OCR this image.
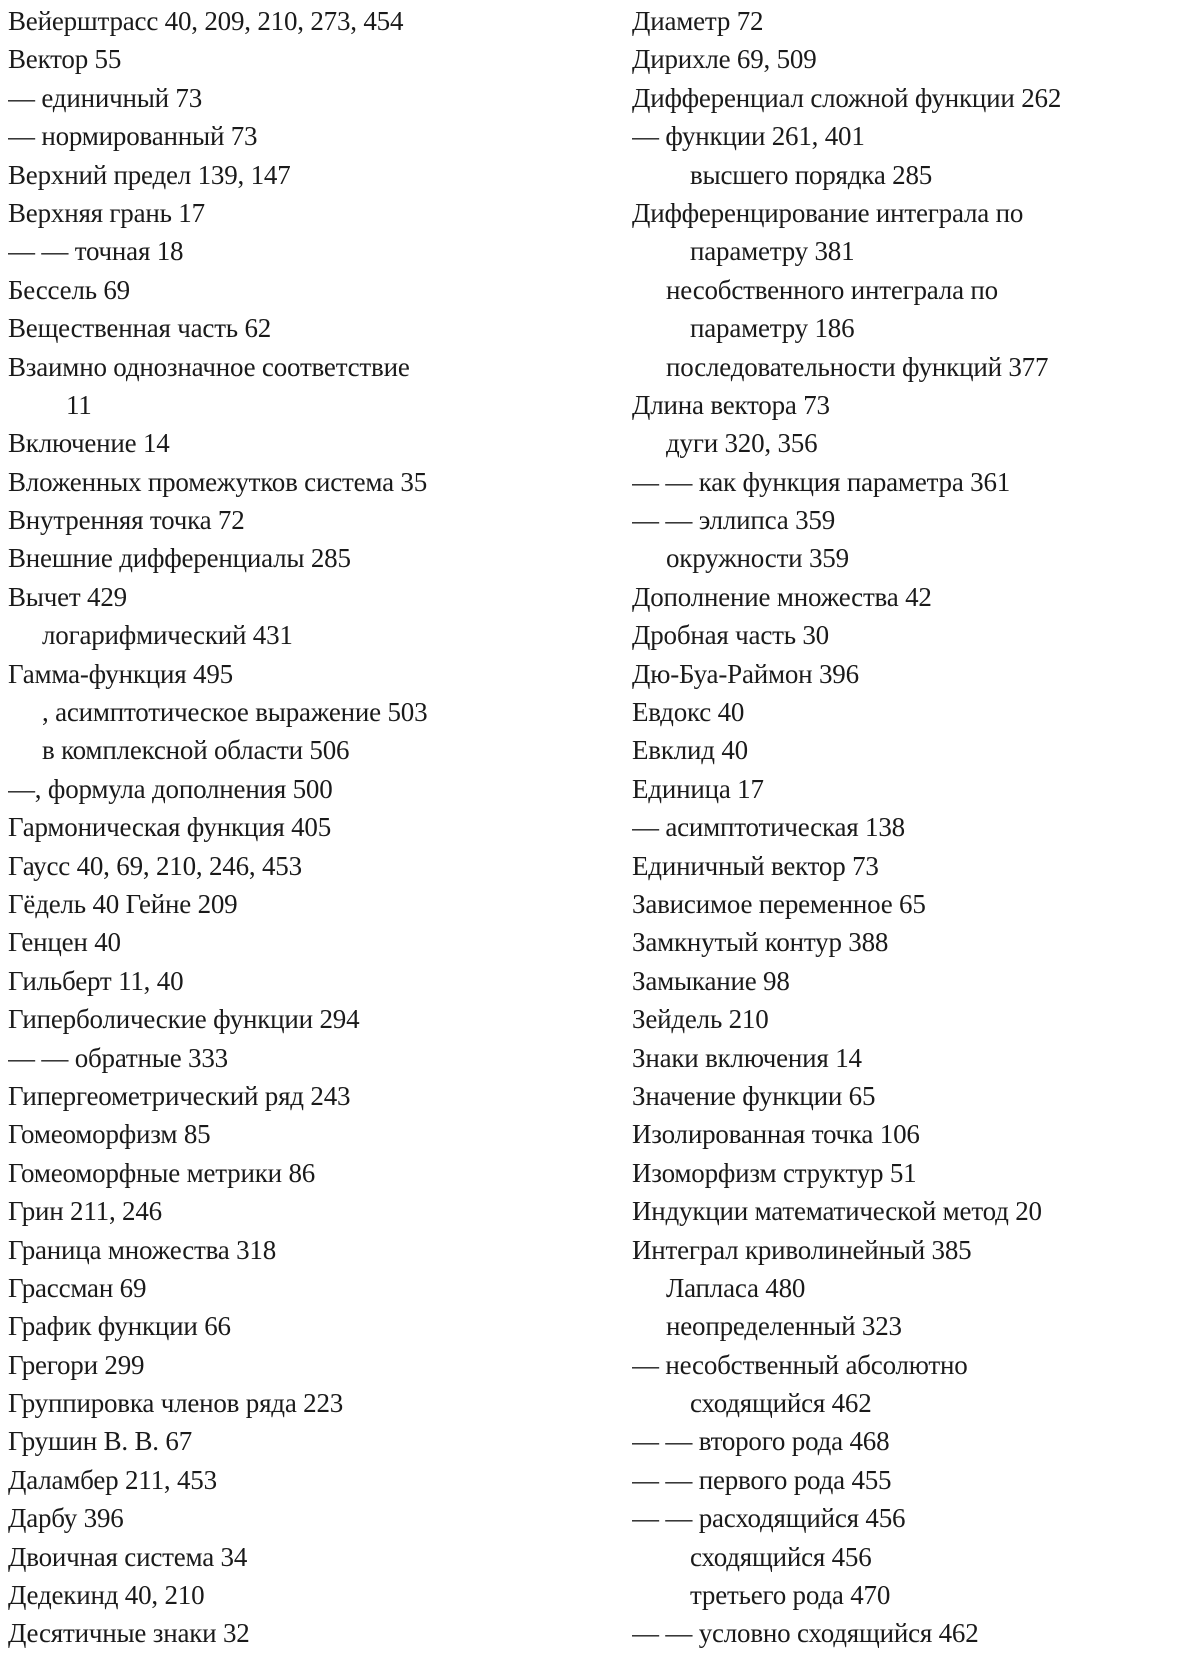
Вейерштрасс 40, 209, 210, 273, 454
Вектор 55
— единичный 73
— нормированный 73
Верхний предел 139, 147
Верхняя грань 17
— — точная 18
Бессель 69
Вещественная часть 62
Взаимно однозначное соответствие
11
Включение 14
Вложенных промежутков система 35
Внутренняя точка 72
Внешние дифференциалы 285
Вычет 429
логарифмический 431
Гамма-функция 495
, асимптотическое выражение 503
в комплексной области 506
—, формула дополнения 500
Гармоническая функция 405
Гаусс 40, 69, 210, 246, 453
Гёдель 40 Гейне 209
Генцен 40
Гильберт 11, 40
Гиперболические функции 294
— — обратные 333
Гипергеометрический ряд 243
Гомеоморфизм 85
Гомеоморфные метрики 86
Грин 211, 246
Граница множества 318
Грассман 69
График функции 66
Грегори 299
Группировка членов ряда 223
Грушин В. В. 67
Даламбер 211, 453
Дарбу 396
Двоичная система 34
Дедекинд 40, 210
Десятичные знаки 32
Диаметр 72
Дирихле 69, 509
Дифференциал сложной функции 262
— функции 261, 401
высшего порядка 285
Дифференцирование интеграла по
параметру 381
несобственного интеграла по
параметру 186
последовательности функций 377
Длина вектора 73
дуги 320, 356
— — как функция параметра 361
— — эллипса 359
окружности 359
Дополнение множества 42
Дробная часть 30
Дю-Буа-Раймон 396
Евдокс 40
Евклид 40
Единица 17
— асимптотическая 138
Единичный вектор 73
Зависимое переменное 65
Замкнутый контур 388
Замыкание 98
Зейдель 210
Знаки включения 14
Значение функции 65
Изолированная точка 106
Изоморфизм структур 51
Индукции математической метод 20
Интеграл криволинейный 385
Лапласа 480
неопределенный 323
— несобственный абсолютно
сходящийся 462
— — второго рода 468
— — первого рода 455
— — расходящийся 456
сходящийся 456
третьего рода 470
— — условно сходящийся 462
